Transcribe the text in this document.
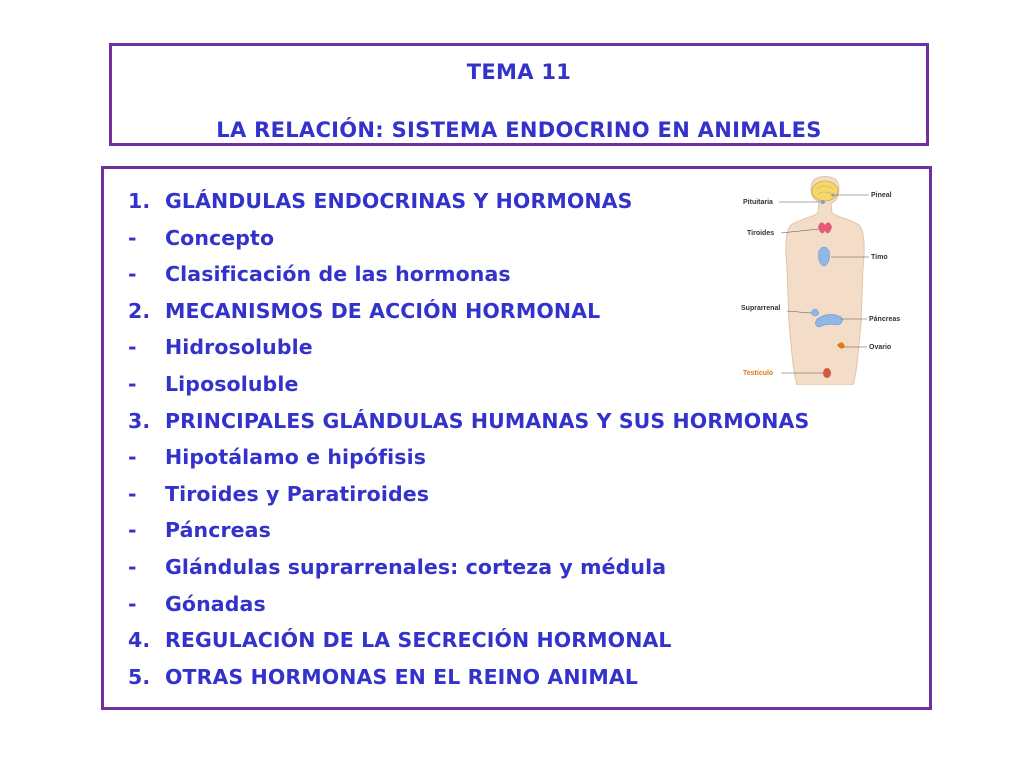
TEMA 11
LA RELACIÓN: SISTEMA ENDOCRINO EN ANIMALES
1. GLÁNDULAS ENDOCRINAS Y HORMONAS
- Concepto
- Clasificación de las hormonas
2. MECANISMOS DE ACCIÓN HORMONAL
- Hidrosoluble
- Liposoluble
3. PRINCIPALES GLÁNDULAS HUMANAS Y SUS HORMONAS
- Hipotálamo e hipófisis
- Tiroides y Paratiroides
- Páncreas
- Glándulas suprarrenales: corteza y médula
- Gónadas
4. REGULACIÓN DE LA SECRECIÓN HORMONAL
5. OTRAS HORMONAS EN EL REINO ANIMAL
Pineal
Pituitaria
Tiroides
Timo
Suprarrenal
Páncreas
Ovario
Testículo
